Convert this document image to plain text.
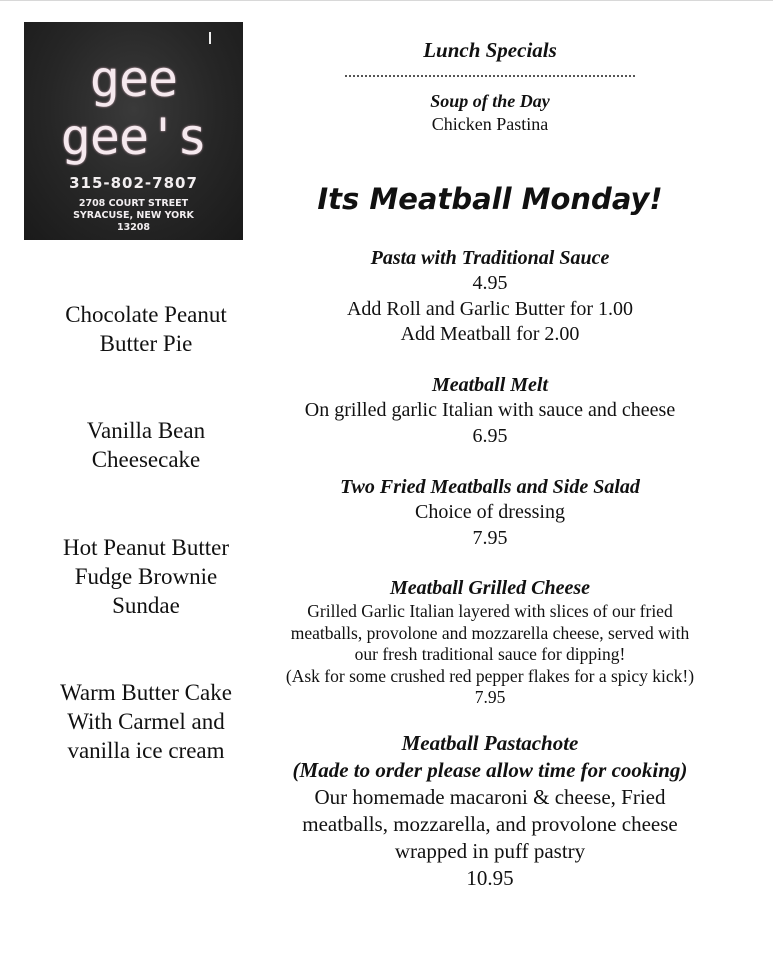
gee gee's
315-802-7807
2708 COURT STREET
SYRACUSE, NEW YORK
13208
Chocolate Peanut
Butter Pie
Vanilla Bean
Cheesecake
Hot Peanut Butter
Fudge Brownie
Sundae
Warm Butter Cake
With Carmel and
vanilla ice cream
Lunch Specials
Soup of the Day
Chicken Pastina
Its Meatball Monday!
Pasta with Traditional Sauce
4.95
Add Roll and Garlic Butter for 1.00
Add Meatball for 2.00
Meatball Melt
On grilled garlic Italian with sauce and cheese
6.95
Two Fried Meatballs and Side Salad
Choice of dressing
7.95
Meatball Grilled Cheese
Grilled Garlic Italian layered with slices of our fried
meatballs, provolone and mozzarella cheese, served with
our fresh traditional sauce for dipping!
(Ask for some crushed red pepper flakes for a spicy kick!)
7.95
Meatball Pastachote
(Made to order please allow time for cooking)
Our homemade macaroni & cheese, Fried
meatballs, mozzarella, and provolone cheese
wrapped in puff pastry
10.95
